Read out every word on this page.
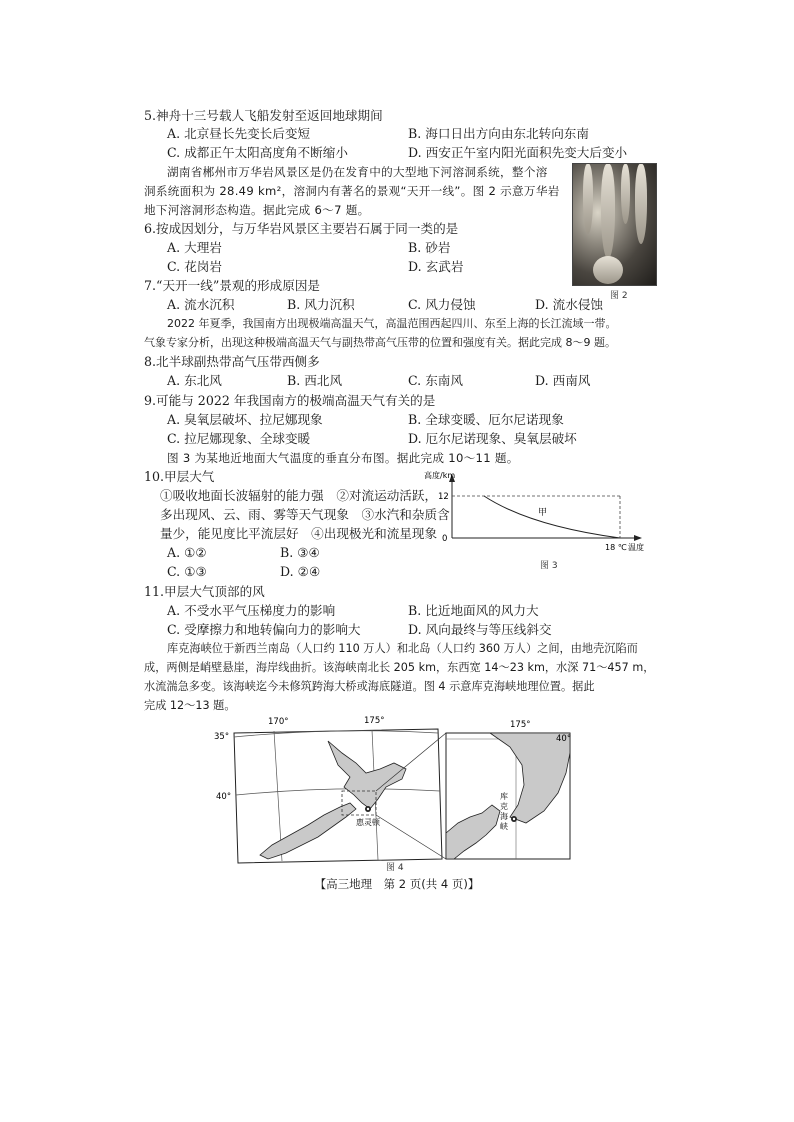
5.神舟十三号载人飞船发射至返回地球期间
A. 北京昼长先变长后变短	B. 海口日出方向由东北转向东南
C. 成都正午太阳高度角不断缩小	D. 西安正午室内阳光面积先变大后变小
湖南省郴州市万华岩风景区是仍在发育中的大型地下河溶洞系统，整个溶
洞系统面积为 28.49 km²，溶洞内有著名的景观“天开一线”。图 2 示意万华岩
地下河溶洞形态构造。据此完成 6～7 题。
图 2
6.按成因划分，与万华岩风景区主要岩石属于同一类的是
A. 大理岩	B. 砂岩
C. 花岗岩	D. 玄武岩
7.“天开一线”景观的形成原因是
A. 流水沉积	B. 风力沉积	C. 风力侵蚀	D. 流水侵蚀
2022 年夏季，我国南方出现极端高温天气，高温范围西起四川、东至上海的长江流域一带。
气象专家分析，出现这种极端高温天气与副热带高气压带的位置和强度有关。据此完成 8～9 题。
8.北半球副热带高气压带西侧多
A. 东北风	B. 西北风	C. 东南风	D. 西南风
9.可能与 2022 年我国南方的极端高温天气有关的是
A. 臭氧层破坏、拉尼娜现象	B. 全球变暖、厄尔尼诺现象
C. 拉尼娜现象、全球变暖	D. 厄尔尼诺现象、臭氧层破坏
图 3 为某地近地面大气温度的垂直分布图。据此完成 10～11 题。
10.甲层大气
①吸收地面长波辐射的能力强　②对流运动活跃，
多出现风、云、雨、雾等天气现象　③水汽和杂质含
量少，能见度比平流层好　④出现极光和流星现象
A. ①②	B. ③④
C. ①③	D. ②④
高度/km
12
0
18 ℃ 温度
甲
图 3
11.甲层大气顶部的风
A. 不受水平气压梯度力的影响	B. 比近地面风的风力大
C. 受摩擦力和地转偏向力的影响大	D. 风向最终与等压线斜交
库克海峡位于新西兰南岛（人口约 110 万人）和北岛（人口约 360 万人）之间，由地壳沉陷而
成，两侧是峭壁悬崖，海岸线曲折。该海峡南北长 205 km，东西宽 14～23 km，水深 71～457 m，
水流湍急多变。该海峡迄今未修筑跨海大桥或海底隧道。图 4 示意库克海峡地理位置。据此
完成 12～13 题。
170°	175°
35°
40°
惠灵顿
175°
40°
库
克
海
峡
图 4
【高三地理　第 2 页(共 4 页)】
